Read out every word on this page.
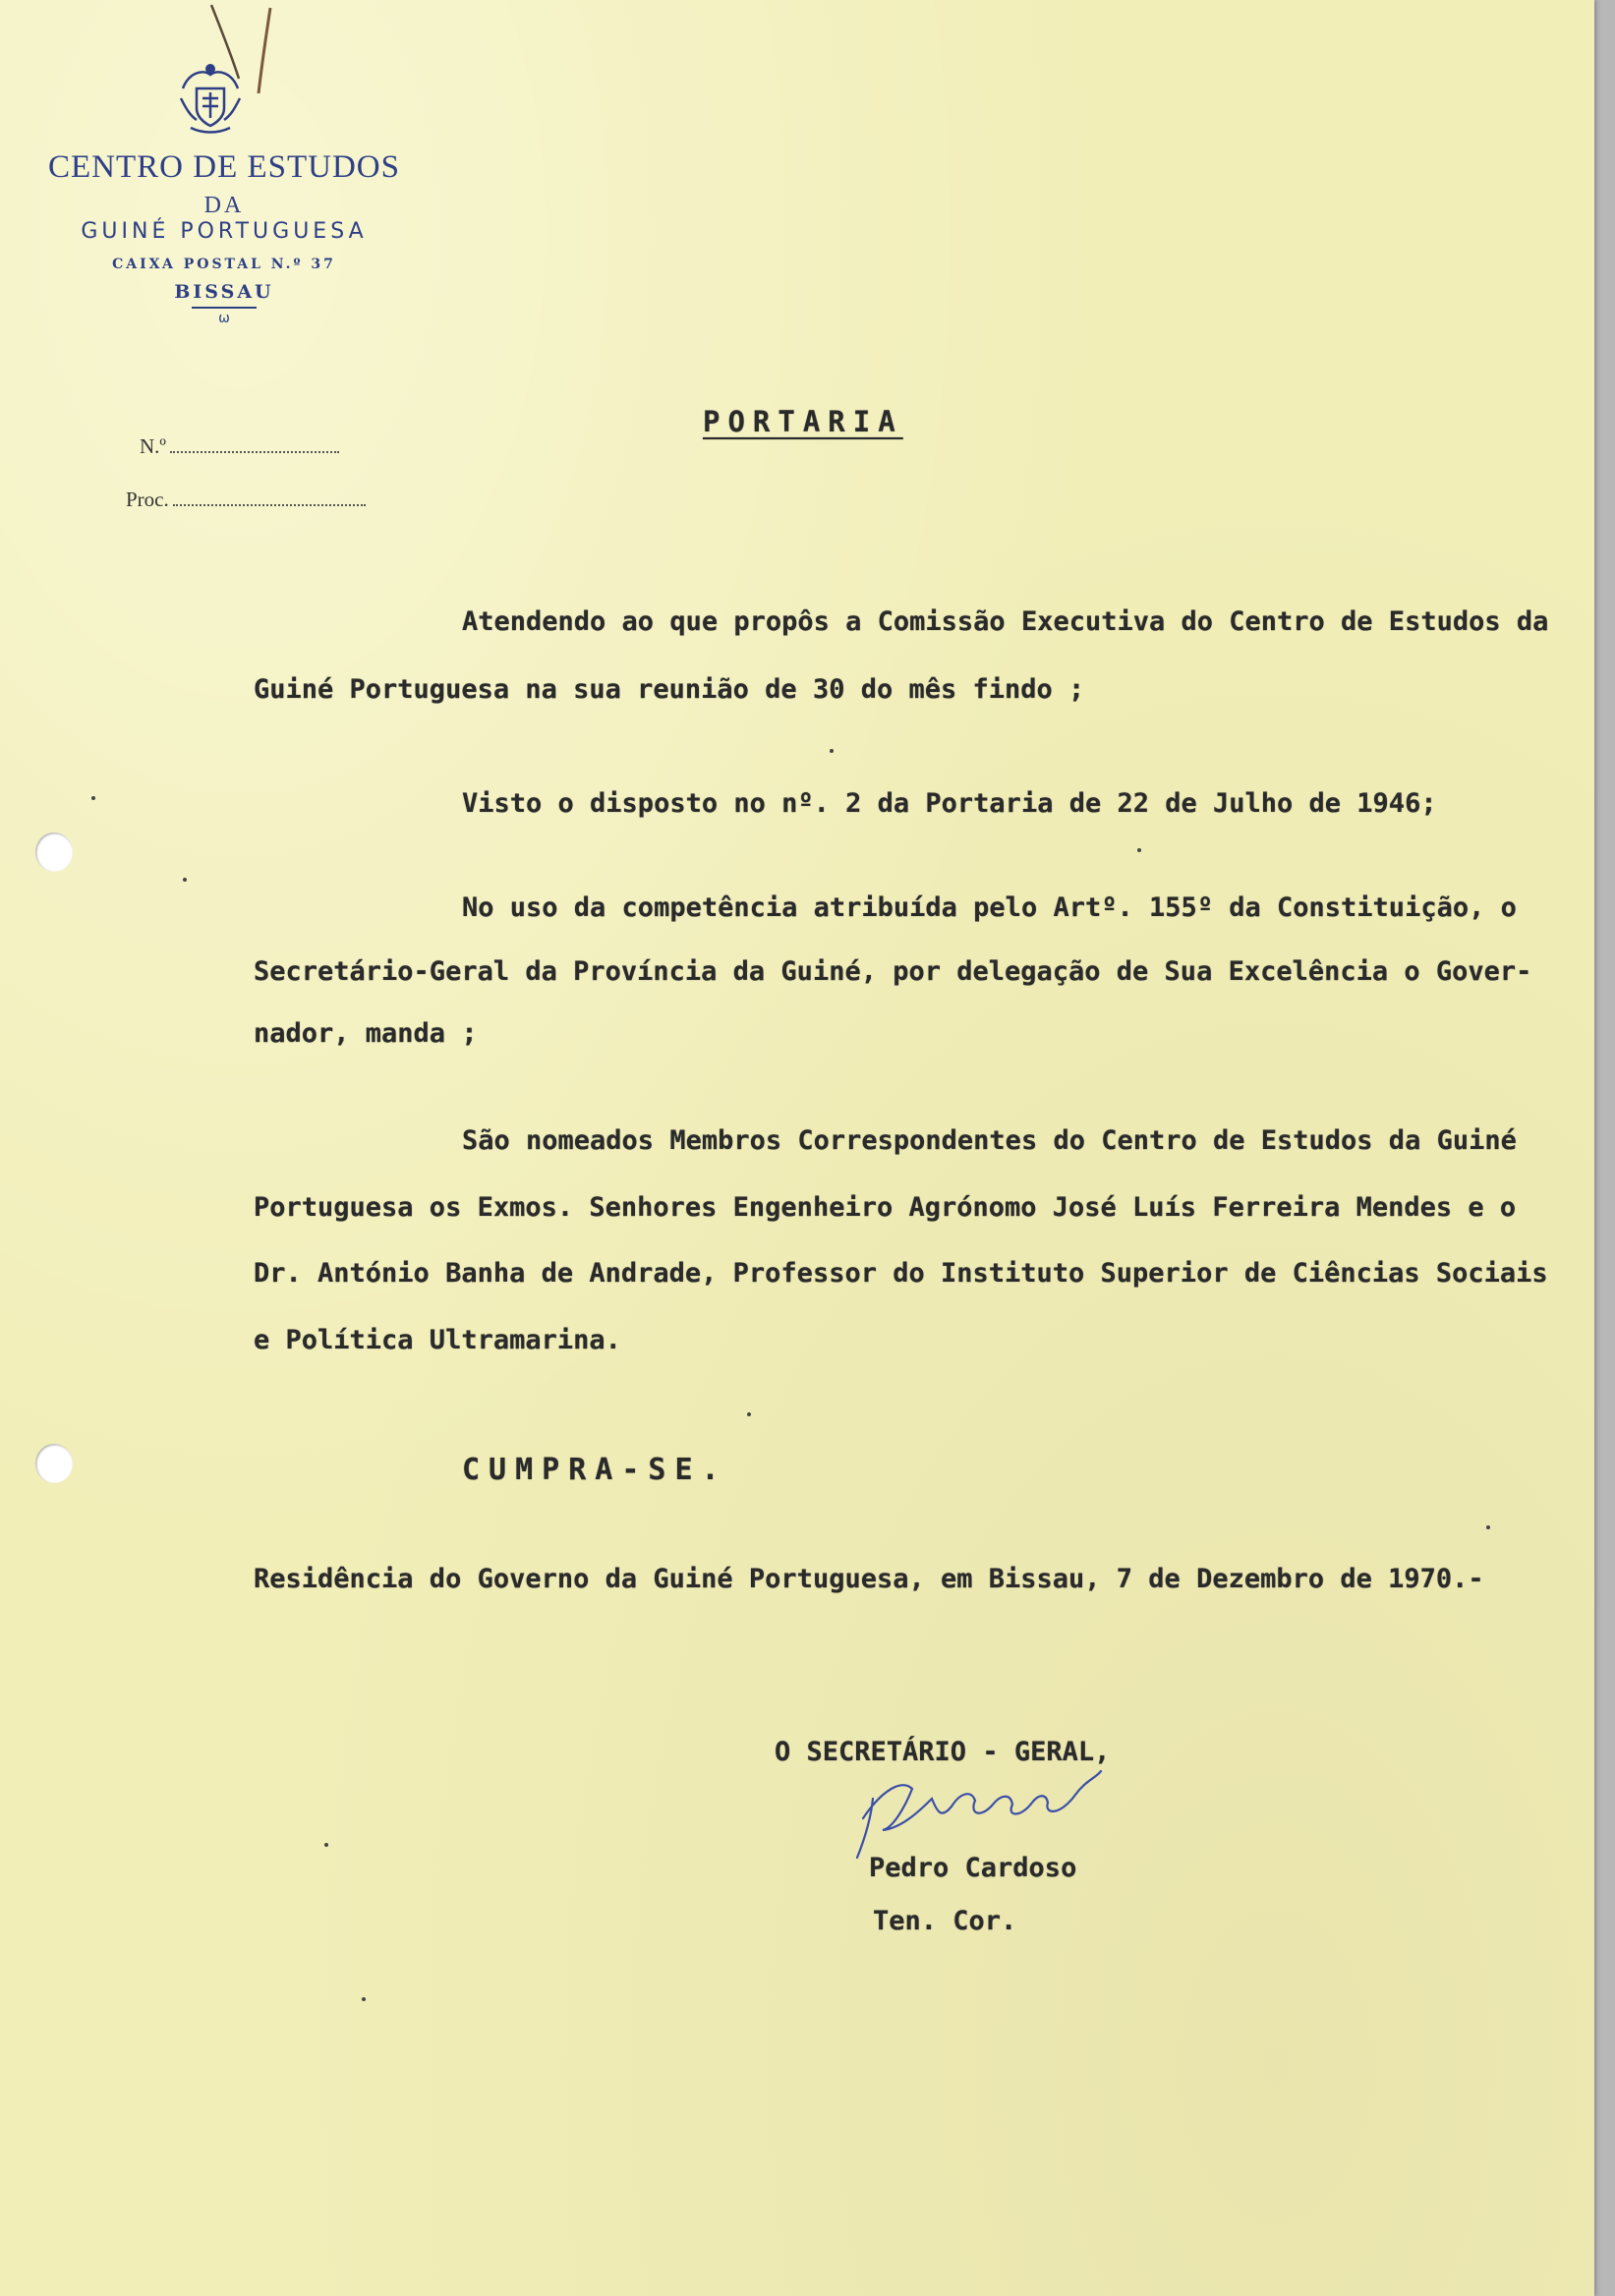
CENTRO DE ESTUDOS
DA
GUINÉ PORTUGUESA
CAIXA POSTAL N.º 37
BISSAU
ω
N.º
Proc.
PORTARIA
Atendendo ao que propôs a Comissão Executiva do Centro de Estudos da
Guiné Portuguesa na sua reunião de 30 do mês findo ;
Visto o disposto no nº. 2 da Portaria de 22 de Julho de 1946;
No uso da competência atribuída pelo Artº. 155º da Constituição, o
Secretário-Geral da Província da Guiné, por delegação de Sua Excelência o Gover-
nador, manda ;
São nomeados Membros Correspondentes do Centro de Estudos da Guiné
Portuguesa os Exmos. Senhores Engenheiro Agrónomo José Luís Ferreira Mendes e o
Dr. António Banha de Andrade, Professor do Instituto Superior de Ciências Sociais
e Política Ultramarina.
CUMPRA-SE.
Residência do Governo da Guiné Portuguesa, em Bissau, 7 de Dezembro de 1970.-
O SECRETÁRIO - GERAL,
Pedro Cardoso
Ten. Cor.
